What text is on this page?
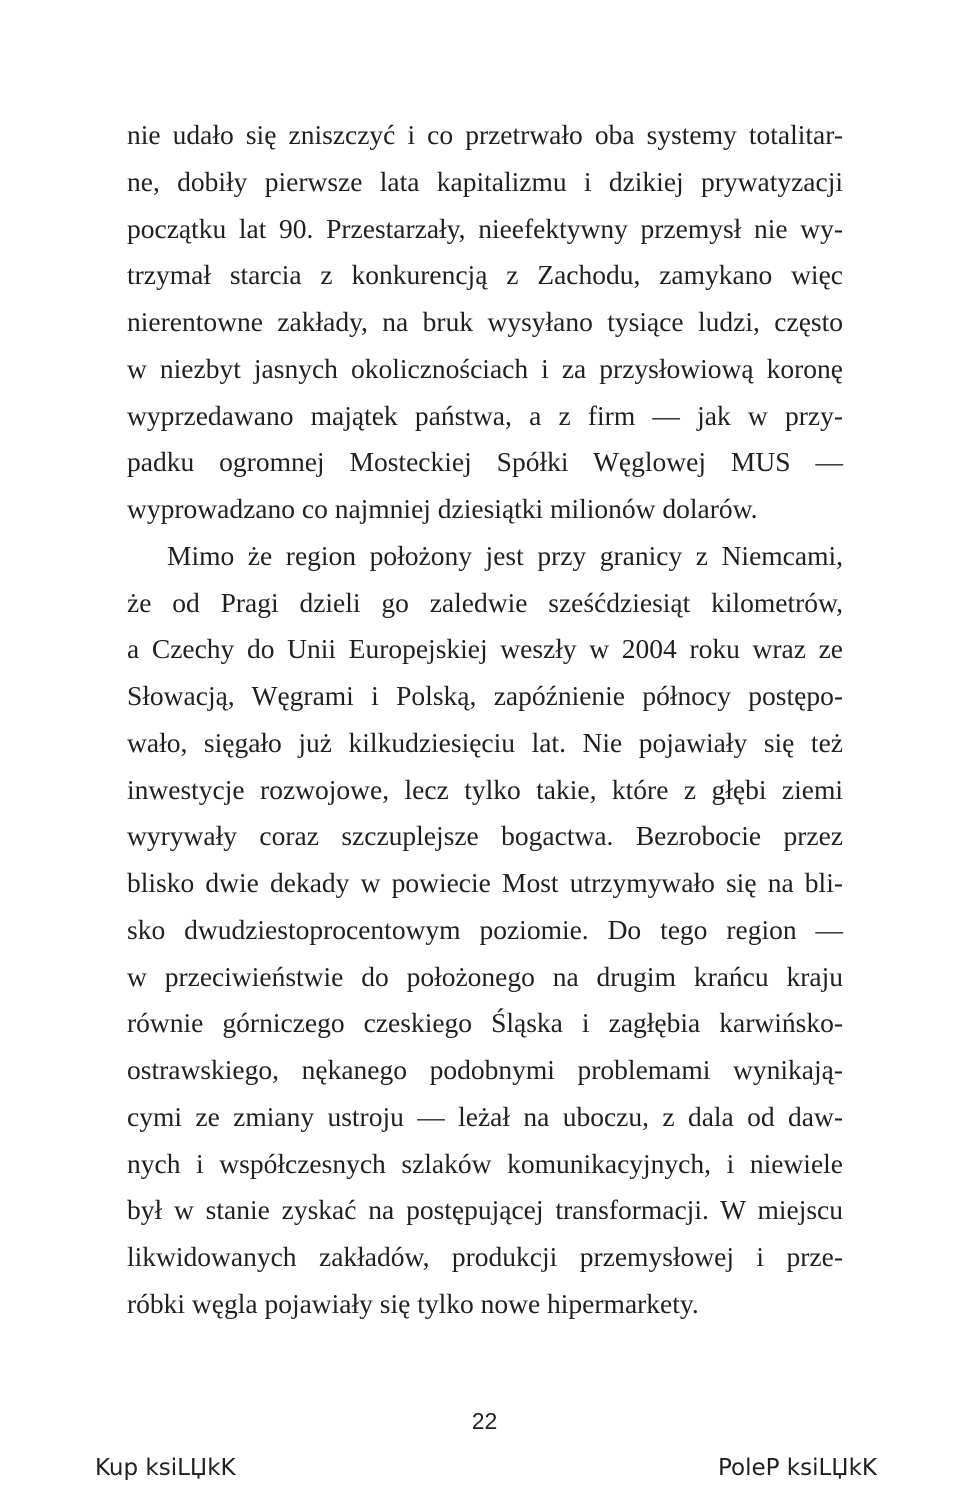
nie udało się zniszczyć i co przetrwało oba systemy totalitar-
ne, dobiły pierwsze lata kapitalizmu i dzikiej prywatyzacji
początku lat 90. Przestarzały, nieefektywny przemysł nie wy-
trzymał starcia z konkurencją z Zachodu, zamykano więc
nierentowne zakłady, na bruk wysyłano tysiące ludzi, często
w niezbyt jasnych okolicznościach i za przysłowiową koronę
wyprzedawano majątek państwa, a z firm — jak w przy-
padku ogromnej Mosteckiej Spółki Węglowej MUS —
wyprowadzano co najmniej dziesiątki milionów dolarów.
Mimo że region położony jest przy granicy z Niemcami,
że od Pragi dzieli go zaledwie sześćdziesiąt kilometrów,
a Czechy do Unii Europejskiej weszły w 2004 roku wraz ze
Słowacją, Węgrami i Polską, zapóźnienie północy postępo-
wało, sięgało już kilkudziesięciu lat. Nie pojawiały się też
inwestycje rozwojowe, lecz tylko takie, które z głębi ziemi
wyrywały coraz szczuplejsze bogactwa. Bezrobocie przez
blisko dwie dekady w powiecie Most utrzymywało się na bli-
sko dwudziestoprocentowym poziomie. Do tego region —
w przeciwieństwie do położonego na drugim krańcu kraju
równie górniczego czeskiego Śląska i zagłębia karwińsko-
ostrawskiego, nękanego podobnymi problemami wynikają-
cymi ze zmiany ustroju — leżał na uboczu, z dala od daw-
nych i współczesnych szlaków komunikacyjnych, i niewiele
był w stanie zyskać na postępującej transformacji. W miejscu
likwidowanych zakładów, produkcji przemysłowej i prze-
róbki węgla pojawiały się tylko nowe hipermarkety.
22
Kup ksiLЏkK	PoleP ksiLЏkK
